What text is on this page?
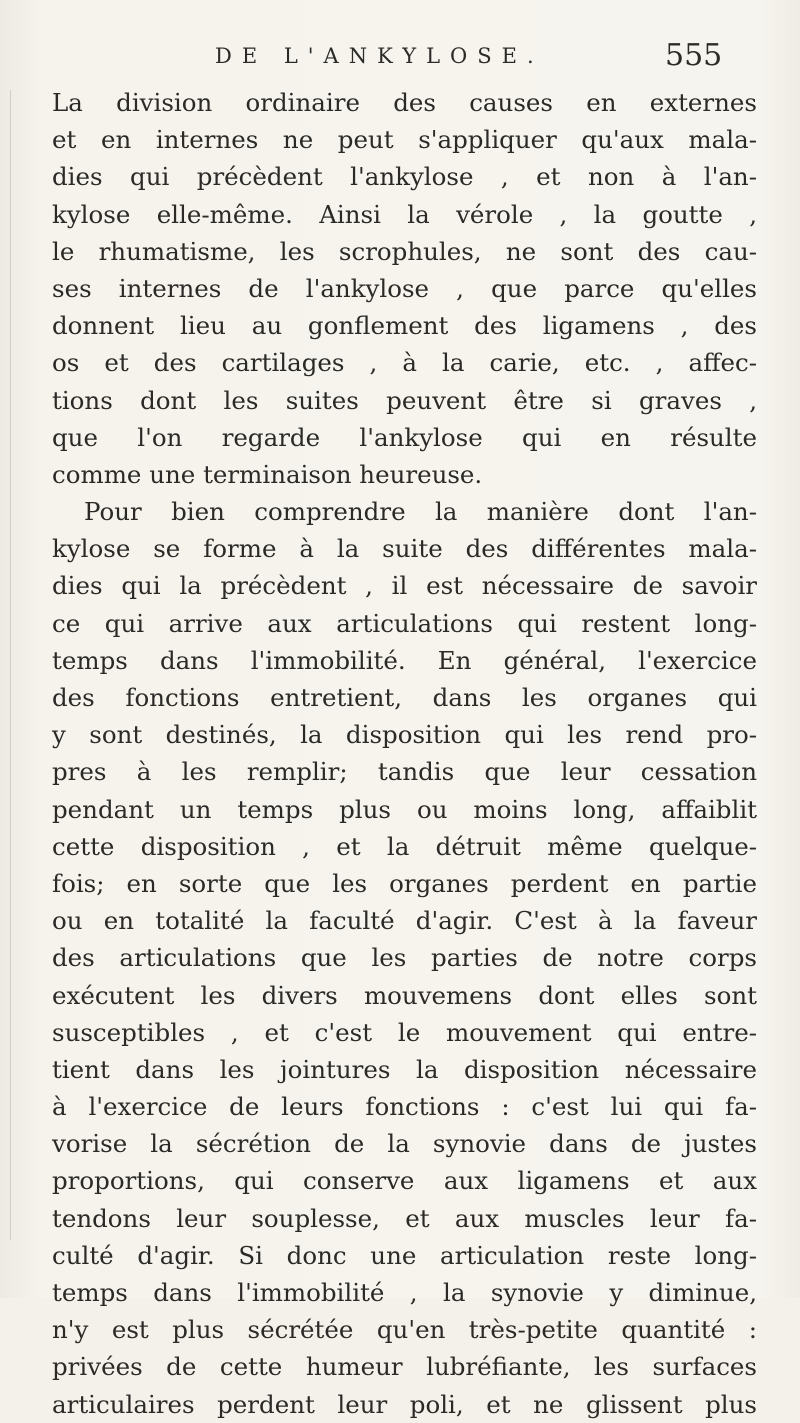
DE L'ANKYLOSE.	555
La division ordinaire des causes en externes
et en internes ne peut s'appliquer qu'aux mala-
dies qui précèdent l'ankylose , et non à l'an-
kylose elle-même. Ainsi la vérole , la goutte ,
le rhumatisme, les scrophules, ne sont des cau-
ses internes de l'ankylose , que parce qu'elles
donnent lieu au gonflement des ligamens , des
os et des cartilages , à la carie, etc. , affec-
tions dont les suites peuvent être si graves ,
que l'on regarde l'ankylose qui en résulte
comme une terminaison heureuse.
Pour bien comprendre la manière dont l'an-
kylose se forme à la suite des différentes mala-
dies qui la précèdent , il est nécessaire de savoir
ce qui arrive aux articulations qui restent long-
temps dans l'immobilité. En général, l'exercice
des fonctions entretient, dans les organes qui
y sont destinés, la disposition qui les rend pro-
pres à les remplir; tandis que leur cessation
pendant un temps plus ou moins long, affaiblit
cette disposition , et la détruit même quelque-
fois; en sorte que les organes perdent en partie
ou en totalité la faculté d'agir. C'est à la faveur
des articulations que les parties de notre corps
exécutent les divers mouvemens dont elles sont
susceptibles , et c'est le mouvement qui entre-
tient dans les jointures la disposition nécessaire
à l'exercice de leurs fonctions : c'est lui qui fa-
vorise la sécrétion de la synovie dans de justes
proportions, qui conserve aux ligamens et aux
tendons leur souplesse, et aux muscles leur fa-
culté d'agir. Si donc une articulation reste long-
temps dans l'immobilité , la synovie y diminue,
n'y est plus sécrétée qu'en très-petite quantité :
privées de cette humeur lubréfiante, les surfaces
articulaires perdent leur poli, et ne glissent plus
